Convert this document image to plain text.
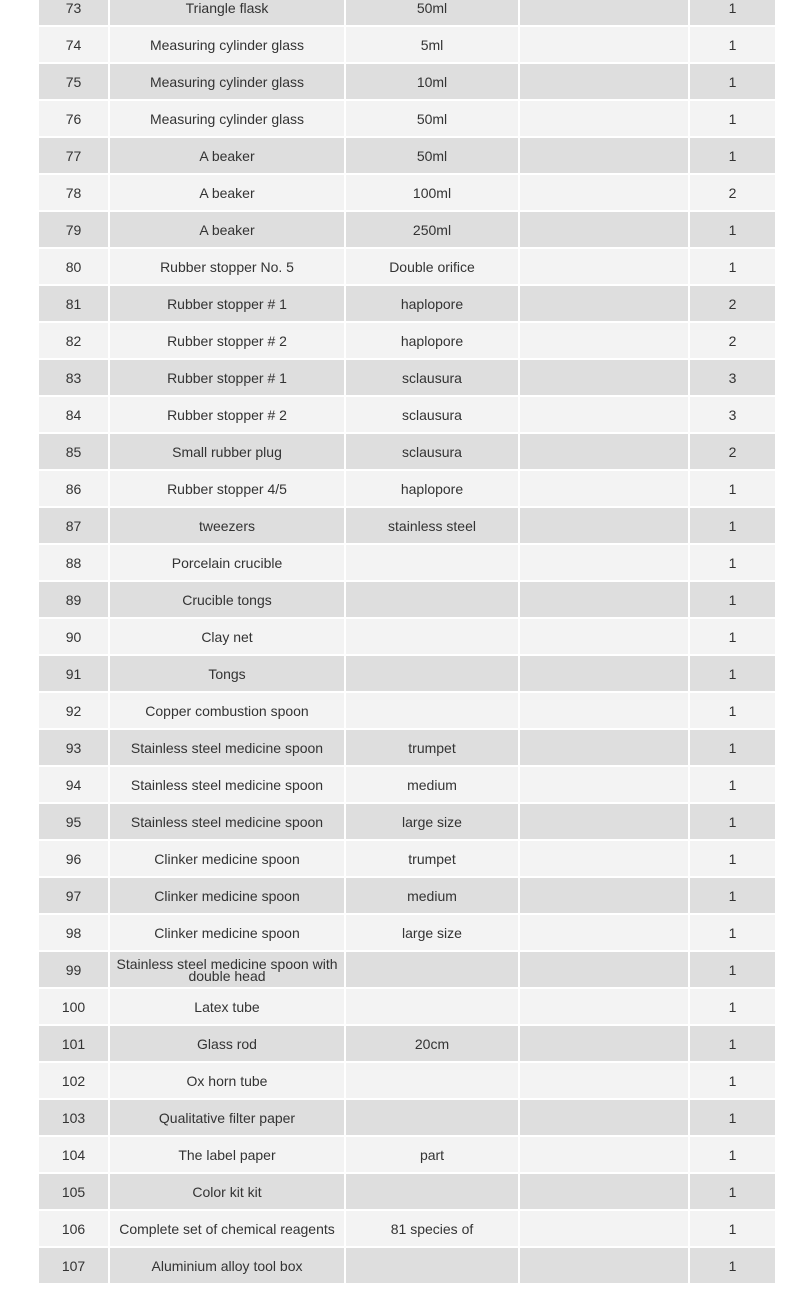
73	Triangle flask	50ml		1
74	Measuring cylinder glass	5ml		1
75	Measuring cylinder glass	10ml		1
76	Measuring cylinder glass	50ml		1
77	A beaker	50ml		1
78	A beaker	100ml		2
79	A beaker	250ml		1
80	Rubber stopper No. 5	Double orifice		1
81	Rubber stopper # 1	haplopore		2
82	Rubber stopper # 2	haplopore		2
83	Rubber stopper # 1	sclausura		3
84	Rubber stopper # 2	sclausura		3
85	Small rubber plug	sclausura		2
86	Rubber stopper 4/5	haplopore		1
87	tweezers	stainless steel		1
88	Porcelain crucible			1
89	Crucible tongs			1
90	Clay net			1
91	Tongs			1
92	Copper combustion spoon			1
93	Stainless steel medicine spoon	trumpet		1
94	Stainless steel medicine spoon	medium		1
95	Stainless steel medicine spoon	large size		1
96	Clinker medicine spoon	trumpet		1
97	Clinker medicine spoon	medium		1
98	Clinker medicine spoon	large size		1
99	Stainless steel medicine spoon with double head			1
100	Latex tube			1
101	Glass rod	20cm		1
102	Ox horn tube			1
103	Qualitative filter paper			1
104	The label paper	part		1
105	Color kit kit			1
106	Complete set of chemical reagents	81 species of		1
107	Aluminium alloy tool box			1
